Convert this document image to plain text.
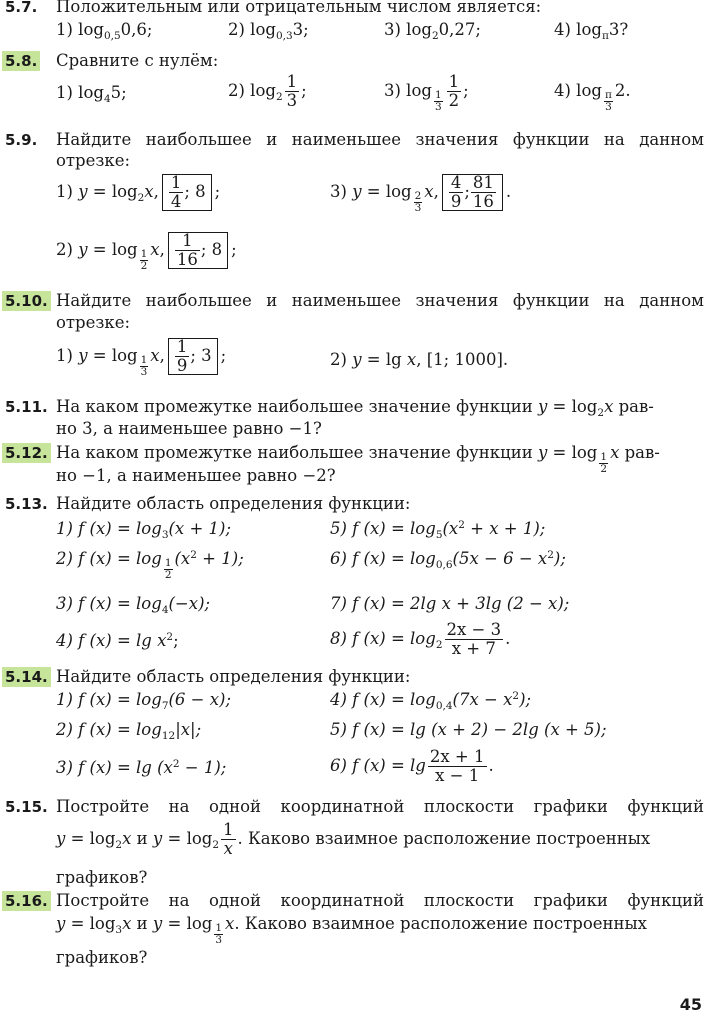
5.7. Положительным или отрицательным числом является:
1) $\log_{0,5}0,6$;	2) $\log_{0,3}3$;	3) $\log_20,27$;	4) $\log_\pi 3$?
5.8. Сравните с нулём:
1) $\log_45$;	2) $\log_2 \frac{1}{3}$ ;	3) $\log \frac{1}{3} \frac{1}{2}$ ;	4) $\log \frac{\pi}{3} 2$.
5.9. Найдите наибольшее и наименьшее значения функции на данном
отрезке:
1) $y = \log_2x$, $\frac{1}{4}$ ; 8 ;	3) $y = \log \frac{2}{3} x$, $\frac{4}{9}$ ; $\frac{81}{16}$ .
2) $y = \log \frac{1}{2} x$, $\frac{1}{16}$ ; 8 ;
5.10. Найдите наибольшее и наименьшее значения функции на данном
отрезке:
1) $y = \log \frac{1}{3} x$, $\frac{1}{9}$ ; 3 ;	2) y = lg x, [1; 1000].
5.11. На каком промежутке наибольшее значение функции $y = \log_2x$ рав-
но 3, а наименьшее равно −1?
5.12. На каком промежутке наибольшее значение функции $y = \log \frac{1}{2}$ x рав-
но −1, а наименьшее равно −2?
5.13. Найдите область определения функции:
1) f $(x) = \log_3(x + 1)$;	5) f $(x) = \log_5(x^2 + x + 1)$;
2) f $(x) = \log \frac{1}{2} (x^2 + 1)$;	6) f $(x) = \log_{0,6}(5x - 6 - x^2)$;
3) f $(x) = \log_4(-x)$;	7) f (x) = 2lg x + 3lg (2 − x);
4) f $(x) = \lg x^2$;	8) f $(x) = \log_2 \frac{2x - 3}{x + 7}$ .
5.14. Найдите область определения функции:
1) f $(x) = \log_7(6 - x)$;	4) f $(x) = \log_{0,4}(7x - x^2)$;
2) f $(x) = \log_{12}|x|$;	5) f (x) = lg (x + 2) − 2lg (x + 5);
3) f $(x) = \lg (x^2 - 1)$;	6) f $(x) = \lg \frac{2x + 1}{x - 1}$ .
5.15. Постройте на одной координатной плоскости графики функций
$y = \log_2x$ и $y = \log_2 \frac{1}{x}$ . Каково взаимное расположение построенных
графиков?
5.16. Постройте на одной координатной плоскости графики функций
$y = \log_3x$ и $y = \log \frac{1}{3} x$. Каково взаимное расположение построенных
графиков?
45
